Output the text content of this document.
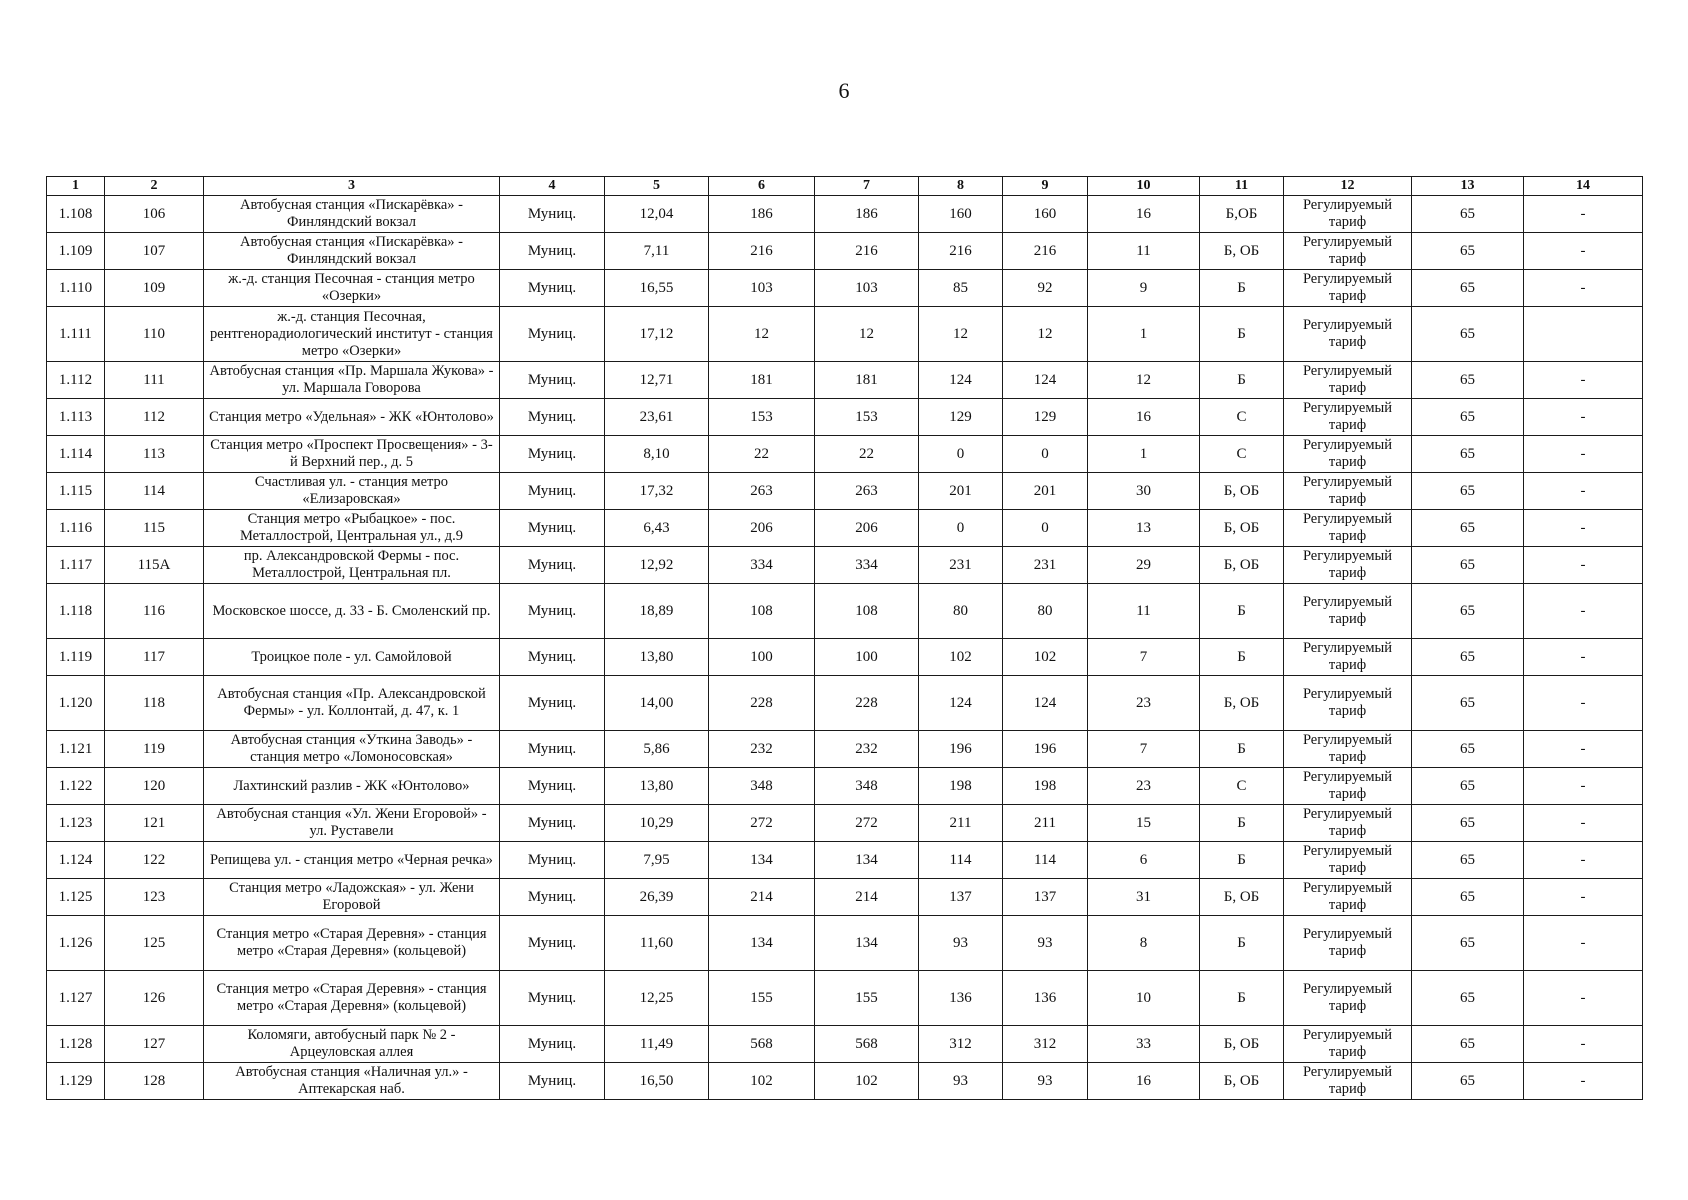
6
1	2	3	4	5	6	7	8	9	10	11	12	13	14
1.108	106	Автобусная станция «Пискарёвка» - Финляндский вокзал	Муниц.	12,04	186	186	160	160	16	Б,ОБ	Регулируемый тариф	65	-
1.109	107	Автобусная станция «Пискарёвка» - Финляндский вокзал	Муниц.	7,11	216	216	216	216	11	Б, ОБ	Регулируемый тариф	65	-
1.110	109	ж.-д. станция Песочная - станция метро «Озерки»	Муниц.	16,55	103	103	85	92	9	Б	Регулируемый тариф	65	-
1.111	110	ж.-д. станция Песочная, рентгенорадиологический институт - станция метро «Озерки»	Муниц.	17,12	12	12	12	12	1	Б	Регулируемый тариф	65	
1.112	111	Автобусная станция «Пр. Маршала Жукова» - ул. Маршала Говорова	Муниц.	12,71	181	181	124	124	12	Б	Регулируемый тариф	65	-
1.113	112	Станция метро «Удельная» - ЖК «Юнтолово»	Муниц.	23,61	153	153	129	129	16	С	Регулируемый тариф	65	-
1.114	113	Станция метро «Проспект Просвещения» - 3-й Верхний пер., д. 5	Муниц.	8,10	22	22	0	0	1	С	Регулируемый тариф	65	-
1.115	114	Счастливая ул. - станция метро «Елизаровская»	Муниц.	17,32	263	263	201	201	30	Б, ОБ	Регулируемый тариф	65	-
1.116	115	Станция метро «Рыбацкое» - пос. Металлострой, Центральная ул., д.9	Муниц.	6,43	206	206	0	0	13	Б, ОБ	Регулируемый тариф	65	-
1.117	115А	пр. Александровской Фермы - пос. Металлострой, Центральная пл.	Муниц.	12,92	334	334	231	231	29	Б, ОБ	Регулируемый тариф	65	-
1.118	116	Московское шоссе, д. 33 - Б. Смоленский пр.	Муниц.	18,89	108	108	80	80	11	Б	Регулируемый тариф	65	-
1.119	117	Троицкое поле - ул. Самойловой	Муниц.	13,80	100	100	102	102	7	Б	Регулируемый тариф	65	-
1.120	118	Автобусная станция «Пр. Александровской Фермы» - ул. Коллонтай, д. 47, к. 1	Муниц.	14,00	228	228	124	124	23	Б, ОБ	Регулируемый тариф	65	-
1.121	119	Автобусная станция «Уткина Заводь» - станция метро «Ломоносовская»	Муниц.	5,86	232	232	196	196	7	Б	Регулируемый тариф	65	-
1.122	120	Лахтинский разлив - ЖК «Юнтолово»	Муниц.	13,80	348	348	198	198	23	С	Регулируемый тариф	65	-
1.123	121	Автобусная станция «Ул. Жени Егоровой» - ул. Руставели	Муниц.	10,29	272	272	211	211	15	Б	Регулируемый тариф	65	-
1.124	122	Репищева ул. - станция метро «Черная речка»	Муниц.	7,95	134	134	114	114	6	Б	Регулируемый тариф	65	-
1.125	123	Станция метро «Ладожская» - ул. Жени Егоровой	Муниц.	26,39	214	214	137	137	31	Б, ОБ	Регулируемый тариф	65	-
1.126	125	Станция метро «Старая Деревня» - станция метро «Старая Деревня» (кольцевой)	Муниц.	11,60	134	134	93	93	8	Б	Регулируемый тариф	65	-
1.127	126	Станция метро «Старая Деревня» - станция метро «Старая Деревня» (кольцевой)	Муниц.	12,25	155	155	136	136	10	Б	Регулируемый тариф	65	-
1.128	127	Коломяги, автобусный парк № 2 - Арцеуловская аллея	Муниц.	11,49	568	568	312	312	33	Б, ОБ	Регулируемый тариф	65	-
1.129	128	Автобусная станция «Наличная ул.» - Аптекарская наб.	Муниц.	16,50	102	102	93	93	16	Б, ОБ	Регулируемый тариф	65	-
